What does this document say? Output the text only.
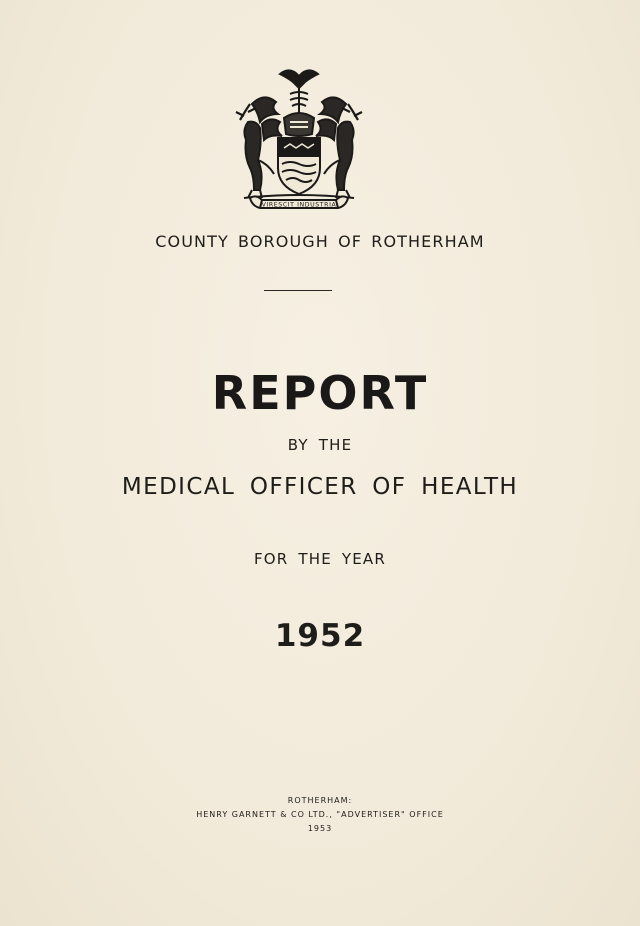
VIRESCIT INDUSTRIA
COUNTY BOROUGH OF ROTHERHAM
REPORT
BY THE
MEDICAL OFFICER OF HEALTH
FOR THE YEAR
1952
ROTHERHAM:
HENRY GARNETT & CO LTD., "ADVERTISER" OFFICE
1953
